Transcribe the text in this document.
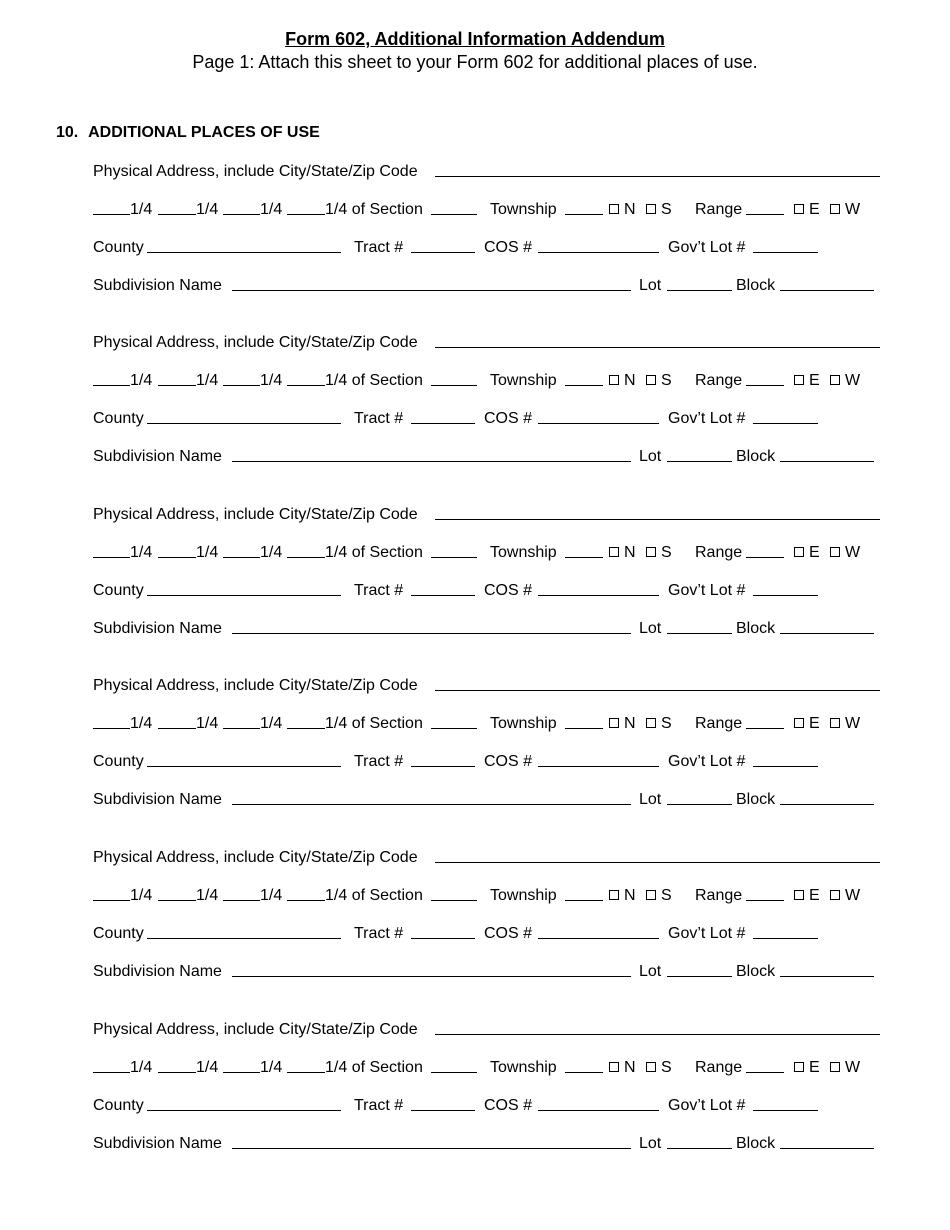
Form 602, Additional Information Addendum
Page 1: Attach this sheet to your Form 602 for additional places of use.
10. ADDITIONAL PLACES OF USE
Physical Address, include City/State/Zip Code
1/4	1/4	1/4	1/4 of Section	Township	N	S Range	E	W
County	Tract #	COS #	Gov’t Lot #
Subdivision Name	Lot	Block
Physical Address, include City/State/Zip Code
1/4	1/4	1/4	1/4 of Section	Township	N	S Range	E	W
County	Tract #	COS #	Gov’t Lot #
Subdivision Name	Lot	Block
Physical Address, include City/State/Zip Code
1/4	1/4	1/4	1/4 of Section	Township	N	S Range	E	W
County	Tract #	COS #	Gov’t Lot #
Subdivision Name	Lot	Block
Physical Address, include City/State/Zip Code
1/4	1/4	1/4	1/4 of Section	Township	N	S Range	E	W
County	Tract #	COS #	Gov’t Lot #
Subdivision Name	Lot	Block
Physical Address, include City/State/Zip Code
1/4	1/4	1/4	1/4 of Section	Township	N	S Range	E	W
County	Tract #	COS #	Gov’t Lot #
Subdivision Name	Lot	Block
Physical Address, include City/State/Zip Code
1/4	1/4	1/4	1/4 of Section	Township	N	S Range	E	W
County	Tract #	COS #	Gov’t Lot #
Subdivision Name	Lot	Block
